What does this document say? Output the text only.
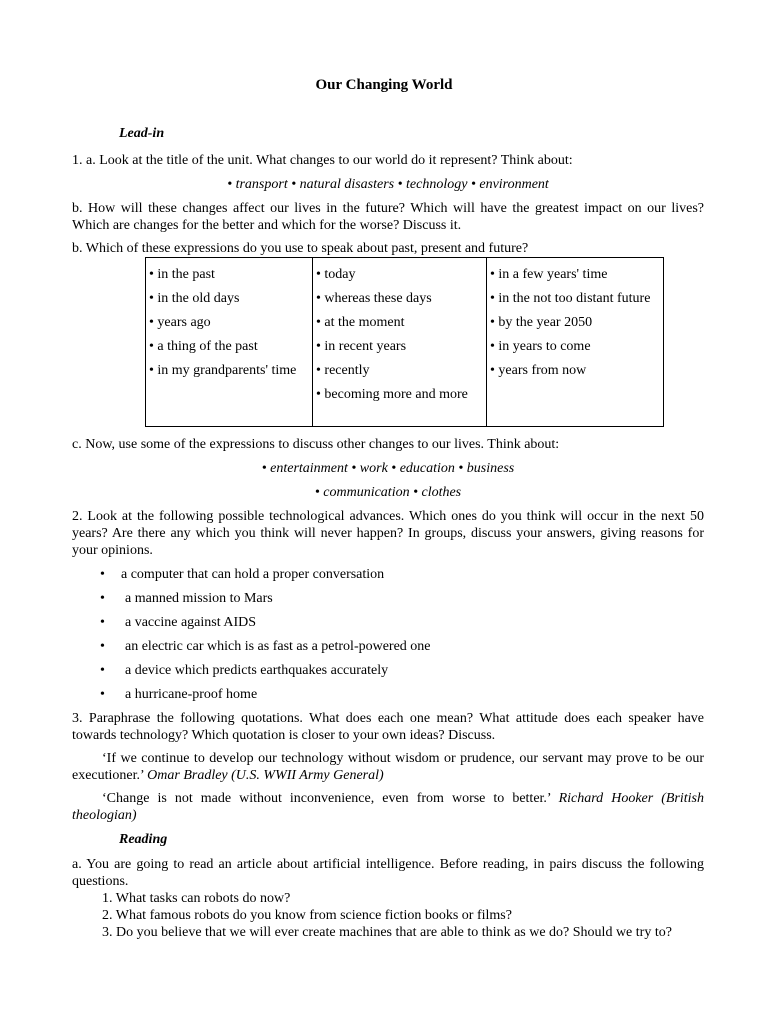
Our Changing World
Lead-in
1. a. Look at the title of the unit. What changes to our world do it represent? Think about:
• transport • natural disasters • technology • environment
b. How will these changes affect our lives in the future? Which will have the greatest impact on our lives? Which are changes for the better and which for the worse? Discuss it.
b. Which of these expressions do you use to speak about past, present and future?
• in the past
• in the old days
• years ago
• a thing of the past
• in my grandparents' time

• today
• whereas these days
• at the moment
• in recent years
• recently
• becoming more and more

• in a few years' time
• in the not too distant future
• by the year 2050
• in years to come
• years from now
c. Now, use some of the expressions to discuss other changes to our lives. Think about:
• entertainment • work • education • business
• communication • clothes
2. Look at the following possible technological advances. Which ones do you think will occur in the next 50 years? Are there any which you think will never happen? In groups, discuss your answers, giving reasons for your opinions.
• a computer that can hold a proper conversation
• a manned mission to Mars
• a vaccine against AIDS
• an electric car which is as fast as a petrol-powered one
• a device which predicts earthquakes accurately
• a hurricane-proof home
3. Paraphrase the following quotations. What does each one mean? What attitude does each speaker have towards technology? Which quotation is closer to your own ideas? Discuss.
‘If we continue to develop our technology without wisdom or prudence, our servant may prove to be our executioner.’ Omar Bradley (U.S. WWII Army General)
‘Change is not made without inconvenience, even from worse to better.’ Richard Hooker (British theologian)
Reading
a. You are going to read an article about artificial intelligence. Before reading, in pairs discuss the following questions.
1. What tasks can robots do now?
2. What famous robots do you know from science fiction books or films?
3. Do you believe that we will ever create machines that are able to think as we do? Should we try to?
